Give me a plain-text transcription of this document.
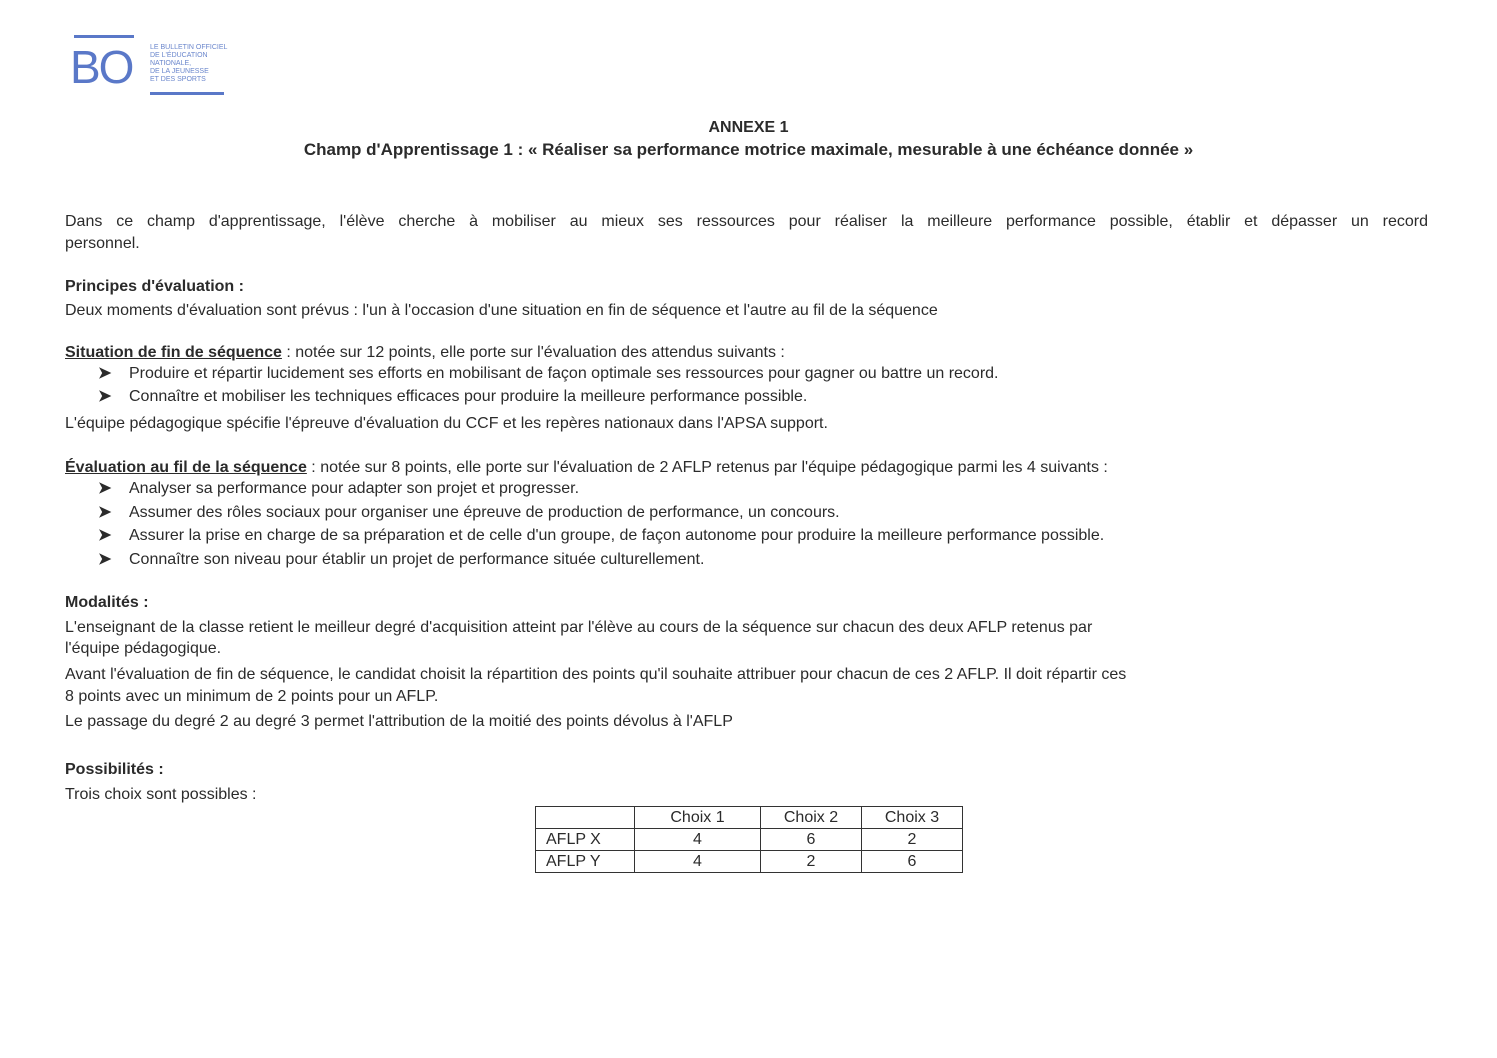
BO	LE BULLETIN OFFICIEL
DE L'ÉDUCATION
NATIONALE,
DE LA JEUNESSE
ET DES SPORTS
ANNEXE 1
Champ d'Apprentissage 1 : « Réaliser sa performance motrice maximale, mesurable à une échéance donnée »
Dans ce champ d'apprentissage, l'élève cherche à mobiliser au mieux ses ressources pour réaliser la meilleure performance possible, établir et dépasser un record
personnel.
Principes d'évaluation :
Deux moments d'évaluation sont prévus : l'un à l'occasion d'une situation en fin de séquence et l'autre au fil de la séquence
Situation de fin de séquence : notée sur 12 points, elle porte sur l'évaluation des attendus suivants :
➤ Produire et répartir lucidement ses efforts en mobilisant de façon optimale ses ressources pour gagner ou battre un record.
➤ Connaître et mobiliser les techniques efficaces pour produire la meilleure performance possible.
L'équipe pédagogique spécifie l'épreuve d'évaluation du CCF et les repères nationaux dans l'APSA support.
Évaluation au fil de la séquence : notée sur 8 points, elle porte sur l'évaluation de 2 AFLP retenus par l'équipe pédagogique parmi les 4 suivants :
➤ Analyser sa performance pour adapter son projet et progresser.
➤ Assumer des rôles sociaux pour organiser une épreuve de production de performance, un concours.
➤ Assurer la prise en charge de sa préparation et de celle d'un groupe, de façon autonome pour produire la meilleure performance possible.
➤ Connaître son niveau pour établir un projet de performance située culturellement.
Modalités :
L'enseignant de la classe retient le meilleur degré d'acquisition atteint par l'élève au cours de la séquence sur chacun des deux AFLP retenus par
l'équipe pédagogique.
Avant l'évaluation de fin de séquence, le candidat choisit la répartition des points qu'il souhaite attribuer pour chacun de ces 2 AFLP. Il doit répartir ces
8 points avec un minimum de 2 points pour un AFLP.
Le passage du degré 2 au degré 3 permet l'attribution de la moitié des points dévolus à l'AFLP
Possibilités :
Trois choix sont possibles :
	Choix 1	Choix 2	Choix 3
AFLP X	4	6	2
AFLP Y	4	2	6
